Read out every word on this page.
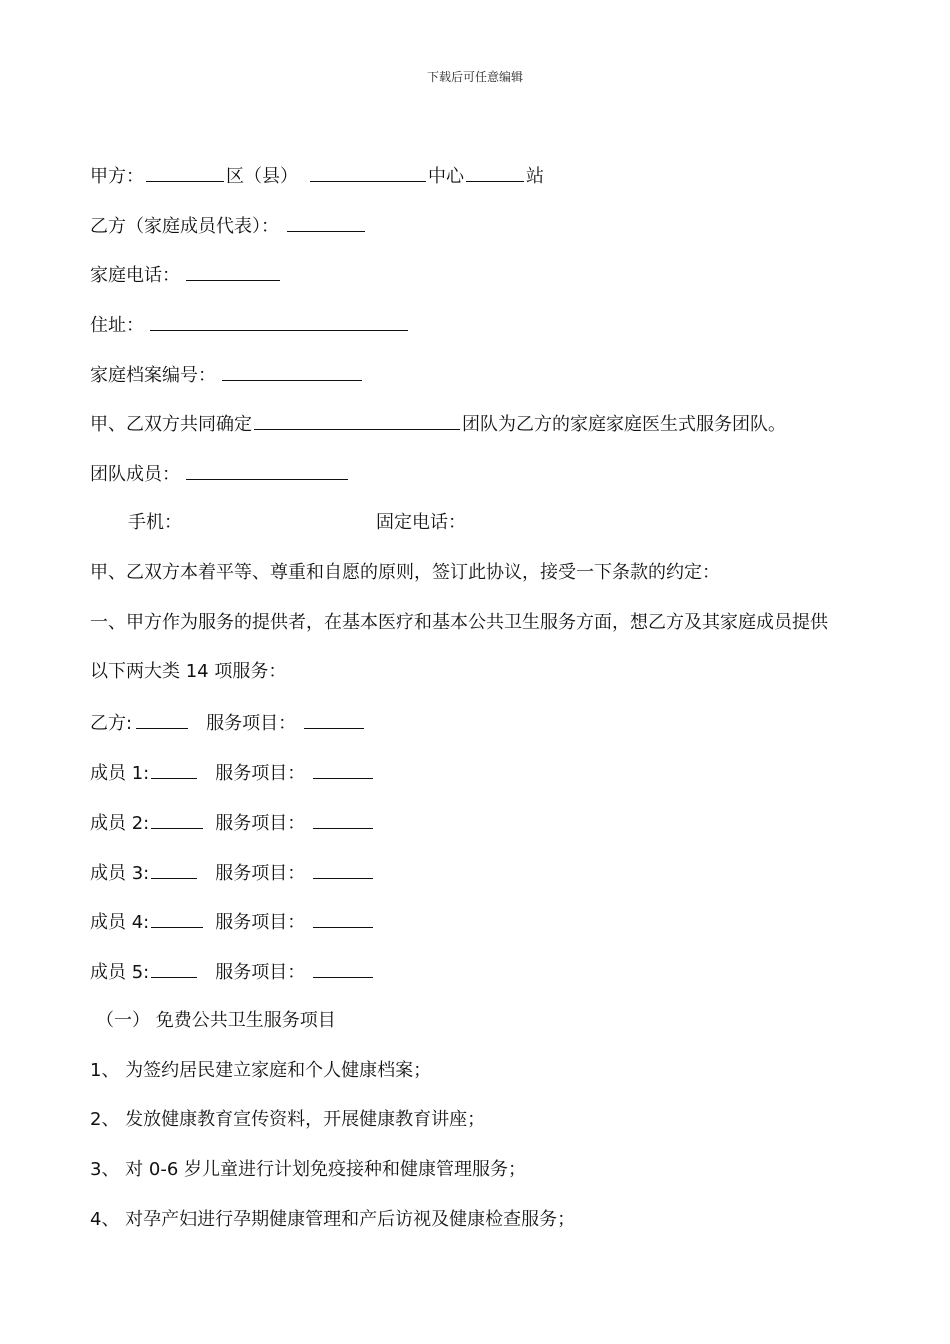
下载后可任意编辑
甲方：	区（县）	中心	站
乙方（家庭成员代表）：
家庭电话：
住址：
家庭档案编号：
甲、乙双方共同确定	团队为乙方的家庭家庭医生式服务团队。
团队成员：
手机：	固定电话：
甲、乙双方本着平等、尊重和自愿的原则，签订此协议，接受一下条款的约定：
一、甲方作为服务的提供者，在基本医疗和基本公共卫生服务方面，想乙方及其家庭成员提供
以下两大类 14 项服务：
乙方:	服务项目：
成员 1:	服务项目：
成员 2:	服务项目：
成员 3:	服务项目：
成员 4:	服务项目：
成员 5:	服务项目：
（一） 免费公共卫生服务项目
1、 为签约居民建立家庭和个人健康档案；
2、 发放健康教育宣传资料，开展健康教育讲座；
3、 对 0-6 岁儿童进行计划免疫接种和健康管理服务；
4、 对孕产妇进行孕期健康管理和产后访视及健康检查服务；
